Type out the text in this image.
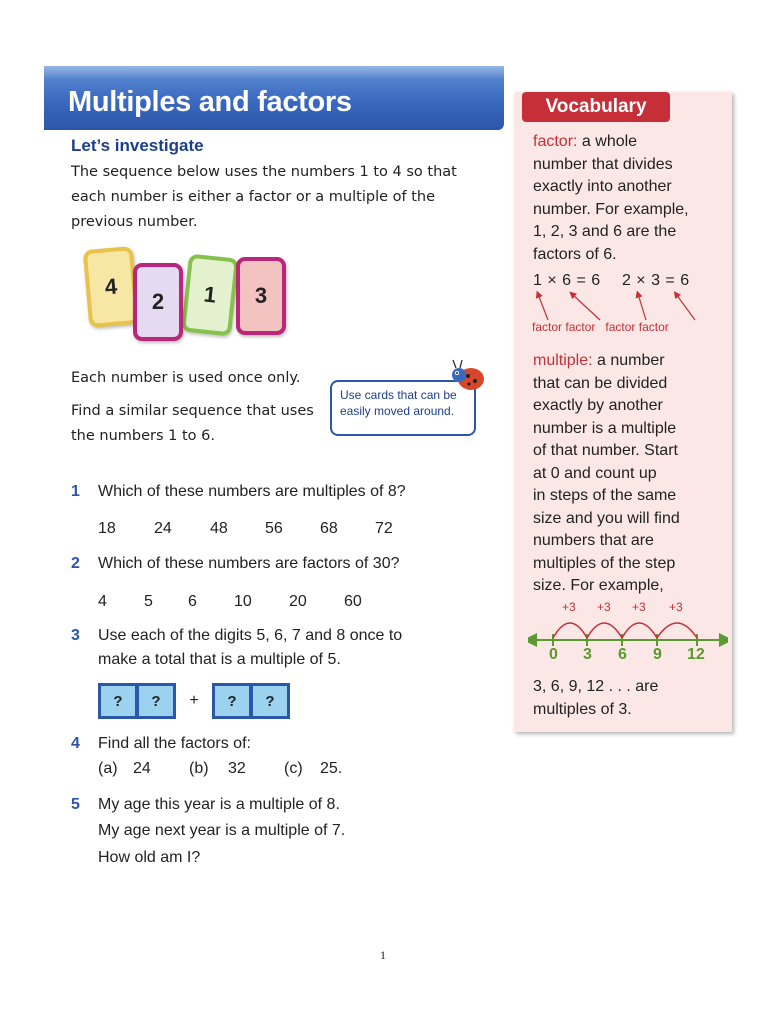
Multiples and factors
Let’s investigate
The sequence below uses the numbers 1 to 4 so that each number is either a factor or a multiple of the previous number.
4	1
2	3
Each number is used once only.
Find a similar sequence that uses the numbers 1 to 6.
Use cards that can be easily moved around.
1 Which of these numbers are multiples of 8?
18 24 48 56 68 72
2 Which of these numbers are factors of 30?
4 5 6 10 20 60
3 Use each of the digits 5, 6, 7 and 8 once to
make a total that is a multiple of 5.
?	?	+	?	?
4 Find all the factors of:
(a) 24 (b) 32 (c) 25.
5 My age this year is a multiple of 8.
My age next year is a multiple of 7.
How old am I?
1
Vocabulary
factor: a whole
number that divides
exactly into another
number. For example,
1, 2, 3 and 6 are the
factors of 6.
1 × 6 = 6 2 × 3 = 6
factor factor factor factor
multiple: a number
that can be divided
exactly by another
number is a multiple
of that number. Start
at 0 and count up
in steps of the same
size and you will find
numbers that are
multiples of the step
size. For example,
+3 +3 +3 +3
0 3 6 9 12
3, 6, 9, 12 . . . are
multiples of 3.
